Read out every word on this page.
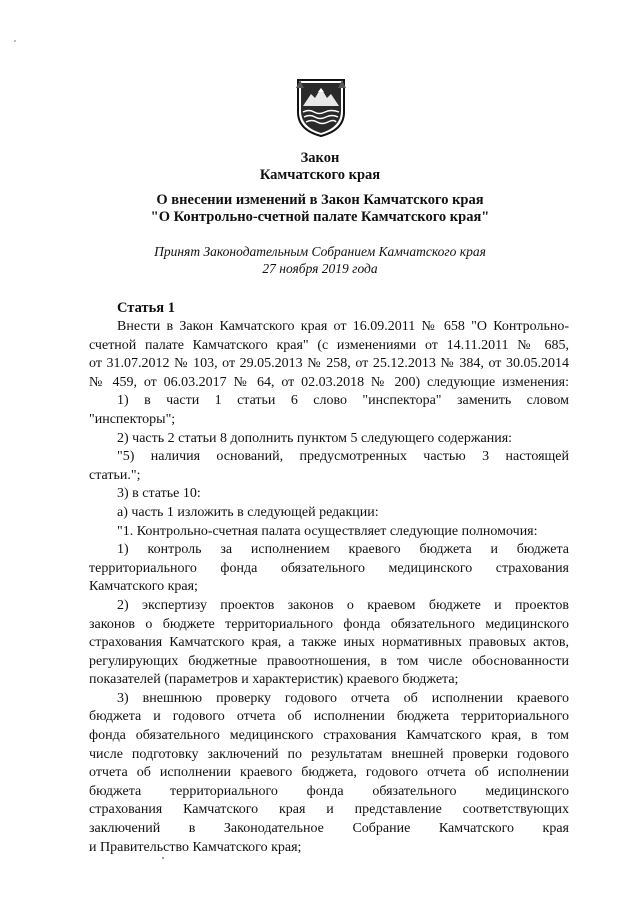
Закон
Камчатского края
О внесении изменений в Закон Камчатского края
"О Контрольно-счетной палате Камчатского края"
Принят Законодательным Собранием Камчатского края
27 ноября 2019 года
Статья 1
Внести в Закон Камчатского края от 16.09.2011 № 658 "О Контрольно-
счетной палате Камчатского края" (с изменениями от 14.11.2011 № 685,
от 31.07.2012 № 103, от 29.05.2013 № 258, от 25.12.2013 № 384, от 30.05.2014
№ 459, от 06.03.2017 № 64, от 02.03.2018 № 200) следующие изменения:
1) в части 1 статьи 6 слово "инспектора" заменить словом
"инспекторы";
2) часть 2 статьи 8 дополнить пунктом 5 следующего содержания:
"5) наличия оснований, предусмотренных частью 3 настоящей
статьи.";
3) в статье 10:
а) часть 1 изложить в следующей редакции:
"1. Контрольно-счетная палата осуществляет следующие полномочия:
1) контроль за исполнением краевого бюджета и бюджета
территориального фонда обязательного медицинского страхования
Камчатского края;
2) экспертизу проектов законов о краевом бюджете и проектов
законов о бюджете территориального фонда обязательного медицинского
страхования Камчатского края, а также иных нормативных правовых актов,
регулирующих бюджетные правоотношения, в том числе обоснованности
показателей (параметров и характеристик) краевого бюджета;
3) внешнюю проверку годового отчета об исполнении краевого
бюджета и годового отчета об исполнении бюджета территориального
фонда обязательного медицинского страхования Камчатского края, в том
числе подготовку заключений по результатам внешней проверки годового
отчета об исполнении краевого бюджета, годового отчета об исполнении
бюджета территориального фонда обязательного медицинского
страхования Камчатского края и представление соответствующих
заключений в Законодательное Собрание Камчатского края
и Правительство Камчатского края;
